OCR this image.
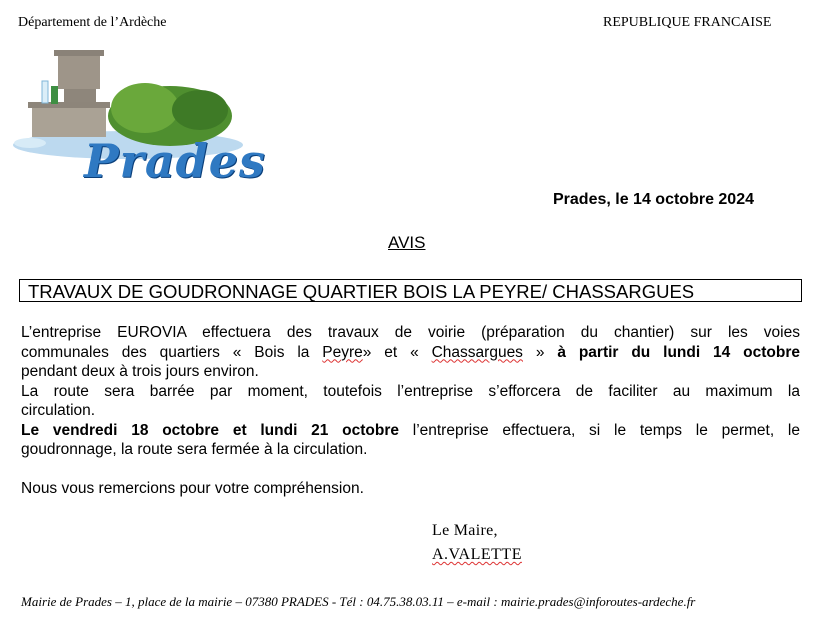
Département de l’Ardèche	REPUBLIQUE FRANCAISE
Prades
Prades, le 14 octobre 2024
AVIS
TRAVAUX DE GOUDRONNAGE QUARTIER BOIS LA PEYRE/ CHASSARGUES
L’entreprise EUROVIA effectuera des travaux de voirie (préparation du chantier) sur les voies
communales des quartiers « Bois la Peyre» et « Chassargues » à partir du lundi 14 octobre
pendant deux à trois jours environ.
La route sera barrée par moment, toutefois l’entreprise s’efforcera de faciliter au maximum la
circulation.
Le vendredi 18 octobre et lundi 21 octobre l’entreprise effectuera, si le temps le permet, le
goudronnage, la route sera fermée à la circulation.
Nous vous remercions pour votre compréhension.
Le Maire,
A.VALETTE
Mairie de Prades – 1, place de la mairie – 07380 PRADES - Tél : 04.75.38.03.11 – e-mail : mairie.prades@inforoutes-ardeche.fr
